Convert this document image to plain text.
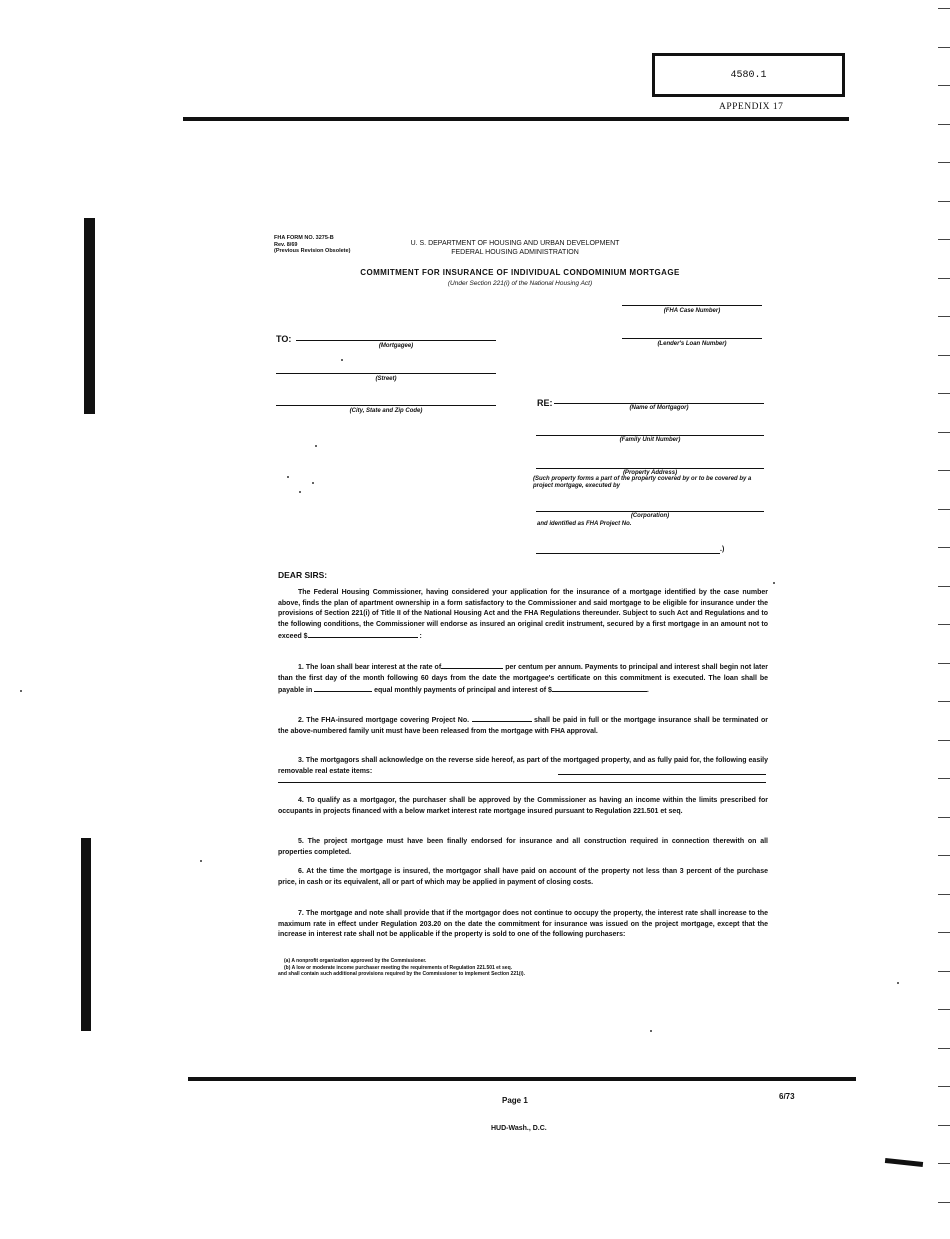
4580.1
APPENDIX 17
FHA FORM NO. 3275-B
Rev. 8/69
(Previous Revision Obsolete)
U. S. DEPARTMENT OF HOUSING AND URBAN DEVELOPMENT
FEDERAL HOUSING ADMINISTRATION
COMMITMENT FOR INSURANCE OF INDIVIDUAL CONDOMINIUM MORTGAGE
(Under Section 221(i) of the National Housing Act)
(FHA Case Number)
(Lender's Loan Number)
TO:
(Mortgagee)
(Street)
(City, State and Zip Code)
RE:	(Name of Mortgagor)
(Family Unit Number)
(Property Address)
(Such property forms a part of the property covered by or to be covered by a project mortgage, executed by
(Corporation)
and identified as FHA Project No.
.)
DEAR SIRS:
The Federal Housing Commissioner, having considered your application for the insurance of a mortgage identified by the case number above, finds the plan of apartment ownership in a form satisfactory to the Commissioner and said mortgage to be eligible for insurance under the provisions of Section 221(i) of Title II of the National Housing Act and the FHA Regulations thereunder. Subject to such Act and Regulations and to the following conditions, the Commissioner will endorse as insured an original credit instrument, secured by a first mortgage in an amount not to exceed $	:
1. The loan shall bear interest at the rate of	per centum per annum. Payments to principal and interest shall begin not later than the first day of the month following 60 days from the date the mortgagee's certificate on this commitment is executed. The loan shall be payable in	equal monthly payments of principal and interest of $	.
2. The FHA-insured mortgage covering Project No.	shall be paid in full or the mortgage insurance shall be terminated or the above-numbered family unit must have been released from the mortgage with FHA approval.
3. The mortgagors shall acknowledge on the reverse side hereof, as part of the mortgaged property, and as fully paid for, the following easily removable real estate items:
4. To qualify as a mortgagor, the purchaser shall be approved by the Commissioner as having an income within the limits prescribed for occupants in projects financed with a below market interest rate mortgage insured pursuant to Regulation 221.501 et seq.
5. The project mortgage must have been finally endorsed for insurance and all construction required in connection therewith on all properties completed.
6. At the time the mortgage is insured, the mortgagor shall have paid on account of the property not less than 3 percent of the purchase price, in cash or its equivalent, all or part of which may be applied in payment of closing costs.
7. The mortgage and note shall provide that if the mortgagor does not continue to occupy the property, the interest rate shall increase to the maximum rate in effect under Regulation 203.20 on the date the commitment for insurance was issued on the project mortgage, except that the increase in interest rate shall not be applicable if the property is sold to one of the following purchasers:
(a) A nonprofit organization approved by the Commissioner.
(b) A low or moderate income purchaser meeting the requirements of Regulation 221.501 et seq.
and shall contain such additional provisions required by the Commissioner to implement Section 221(i).
Page 1	6/73
HUD-Wash., D.C.
